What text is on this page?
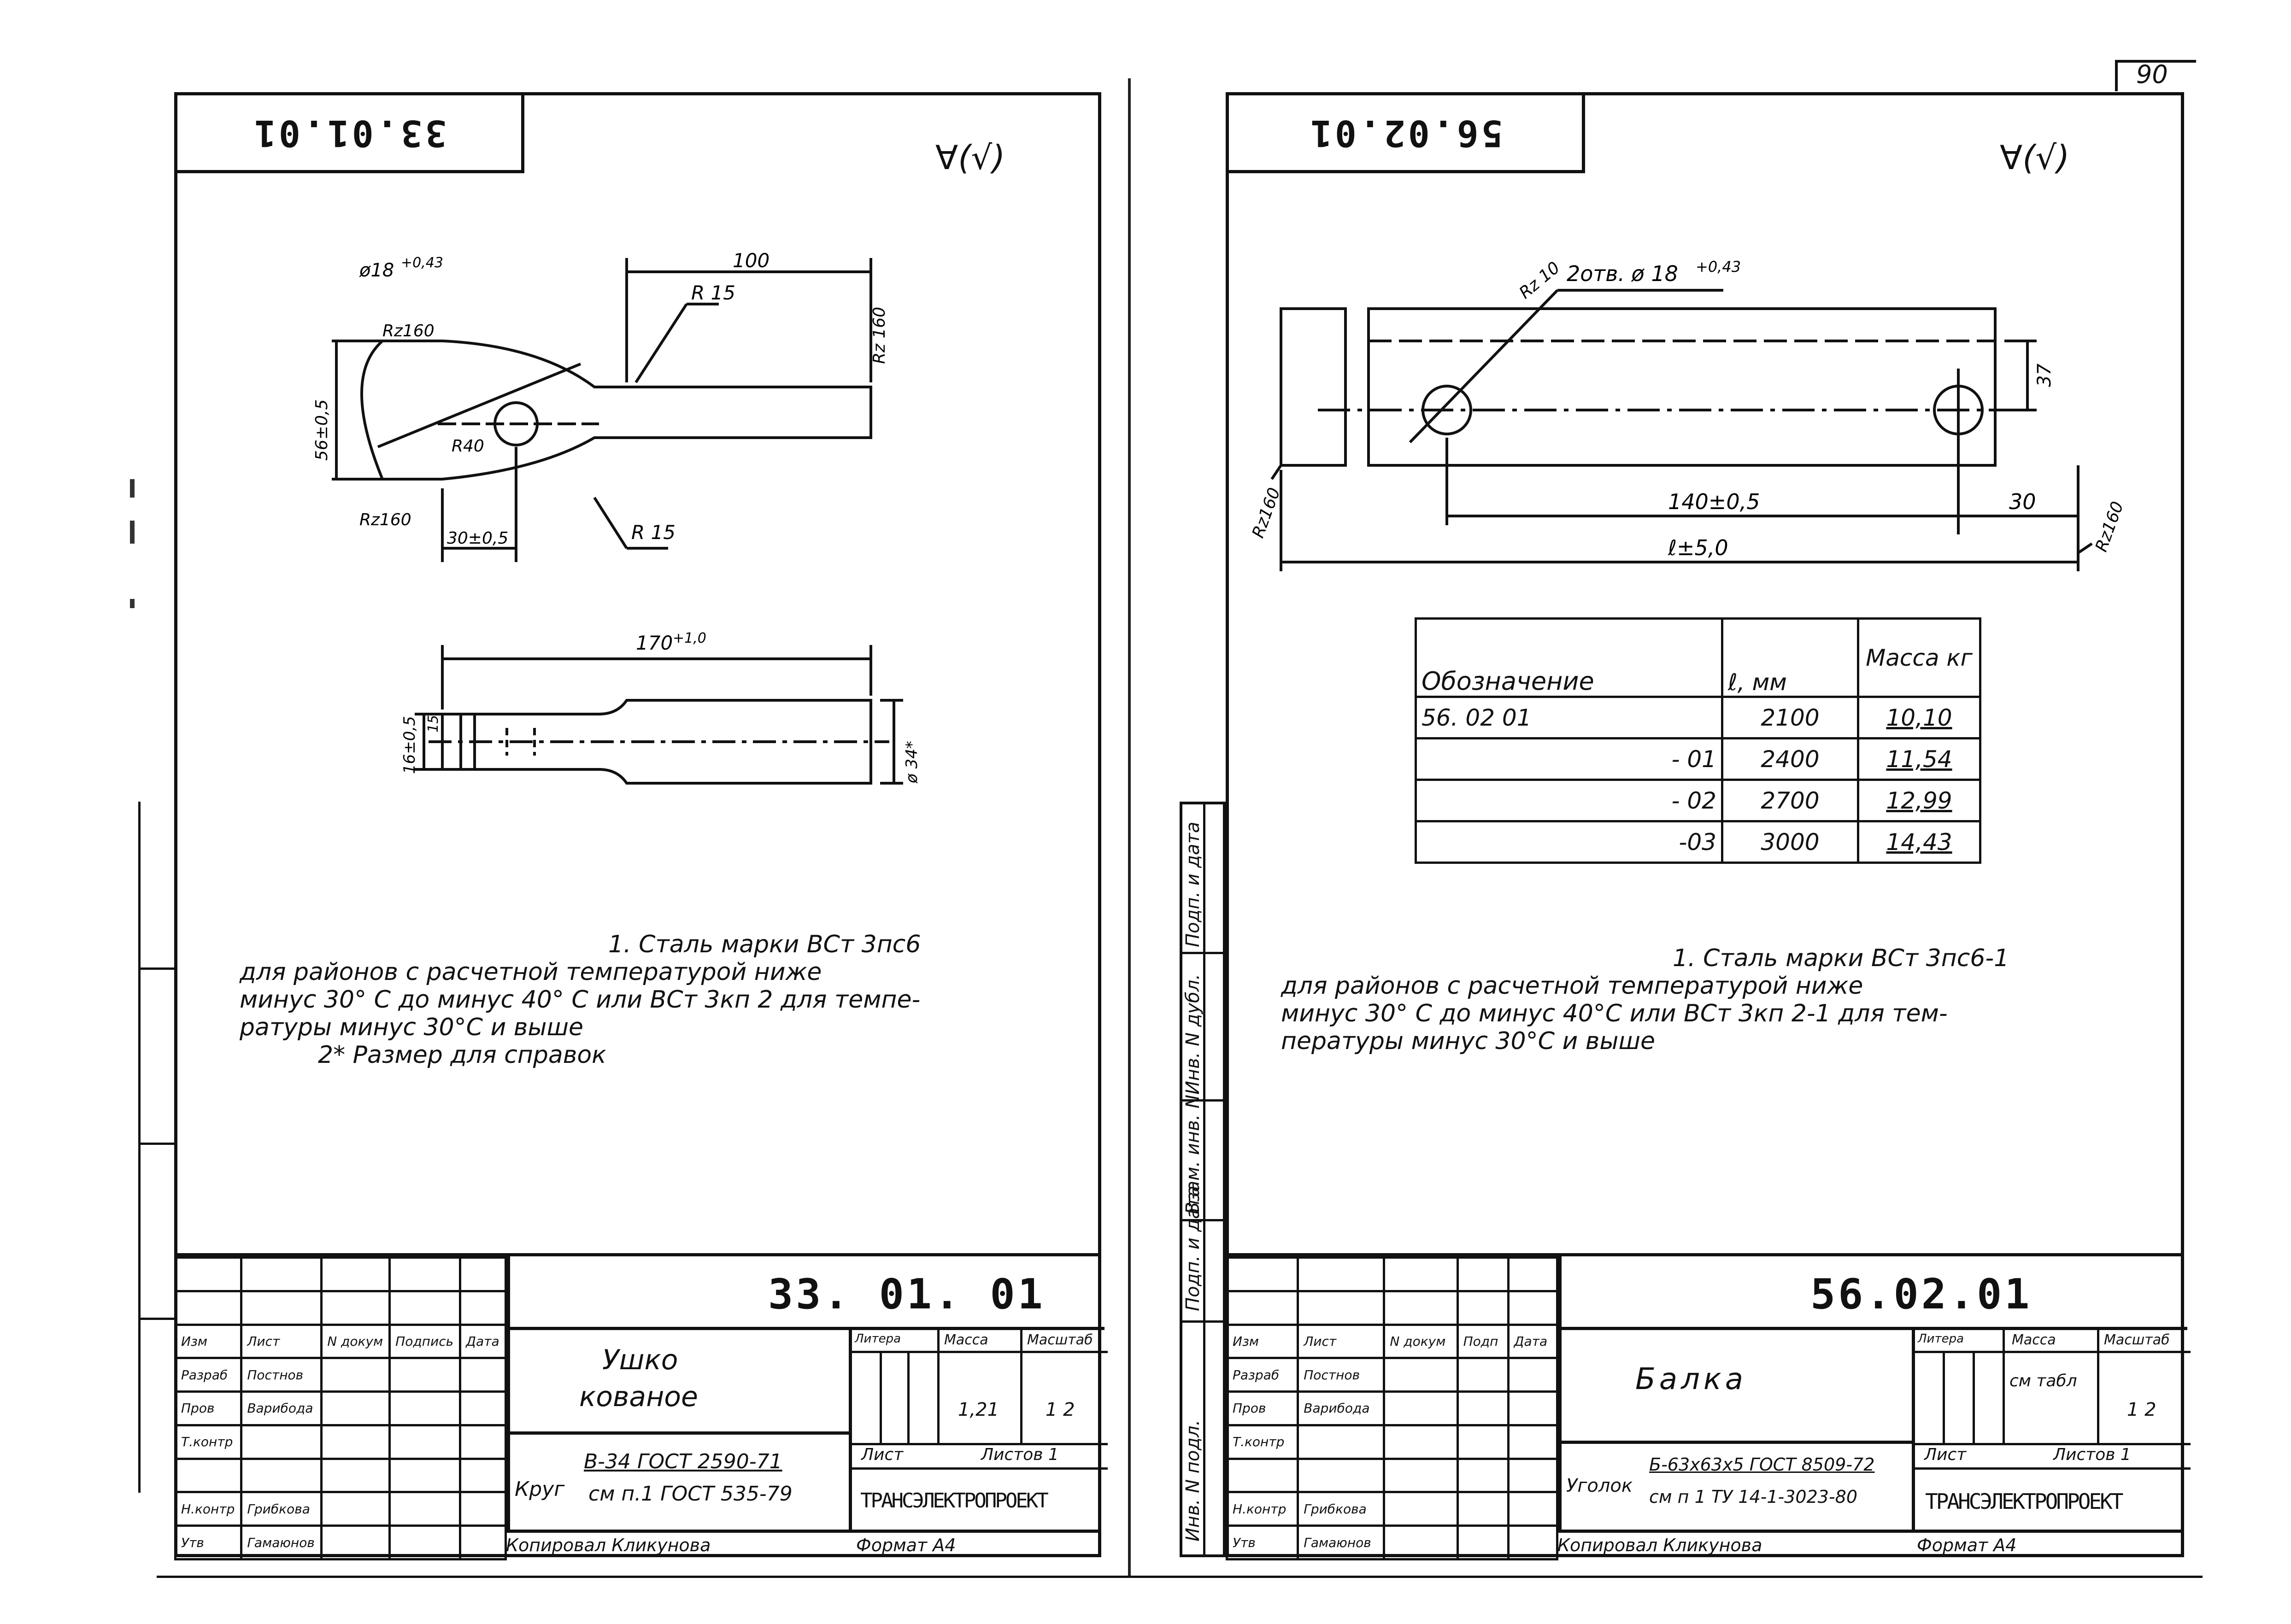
90
33.01.01
∀(√)
100
R 15
Rz 160
ø18 +0,43
Rz160
56±0,5	R40
30±0,5
Rz160
R 15
170 +1,0
16±0,5 15
ø 34*
1. Сталь марки ВСт 3пс6
для районов с расчетной температурой ниже
минус 30° С до минус 40° С или ВСт 3кп 2 для темпе-
ратуры минус 30°С и выше
2* Размер для справок

Изм	Лист	N докум	Подпись	Дата
Разраб	Постнов			
Пров	Варибода			
Т.контр				

Н.контр	Грибкова			
Утв	Гамаюнов			
33. 01. 01
Ушко
кованое
Круг
В-34 ГОСТ 2590-71
см п.1 ГОСТ 535-79
Литера	Масса	Масштаб
1,21	1 2
Лист	Листов 1
ТРАНСЭЛЕКТРОПРОЕКТ
Копировал Кликунова	Формат А4
56.02.01
∀(√)
2отв. ø 18 +0,43
Rz 10
37
140±0,5	30
ℓ±5,0
Rz160	Rz160
Обозначение	ℓ, мм	Масса кг
56. 02 01	2100	10,10
- 01	2400	11,54
- 02	2700	12,99
-03	3000	14,43
1. Сталь марки ВСт 3пс6-1
для районов с расчетной температурой ниже
минус 30° С до минус 40°С или ВСт 3кп 2-1 для тем-
пературы минус 30°С и выше
Инв. N подл.
Подп. и дата
Взам. инв. N
Инв. N дубл.
Подп. и дата

Изм	Лист	N докум	Подп	Дата
Разраб	Постнов			
Пров	Варибода			
Т.контр				

Н.контр	Грибкова			
Утв	Гамаюнов			
56.02.01
Балка
Уголок
Б-63х63х5 ГОСТ 8509-72
см п 1 ТУ 14-1-3023-80
Литера	Масса	Масштаб
см табл
1 2
Лист	Листов 1
ТРАНСЭЛЕКТРОПРОЕКТ
Копировал Кликунова	Формат А4
